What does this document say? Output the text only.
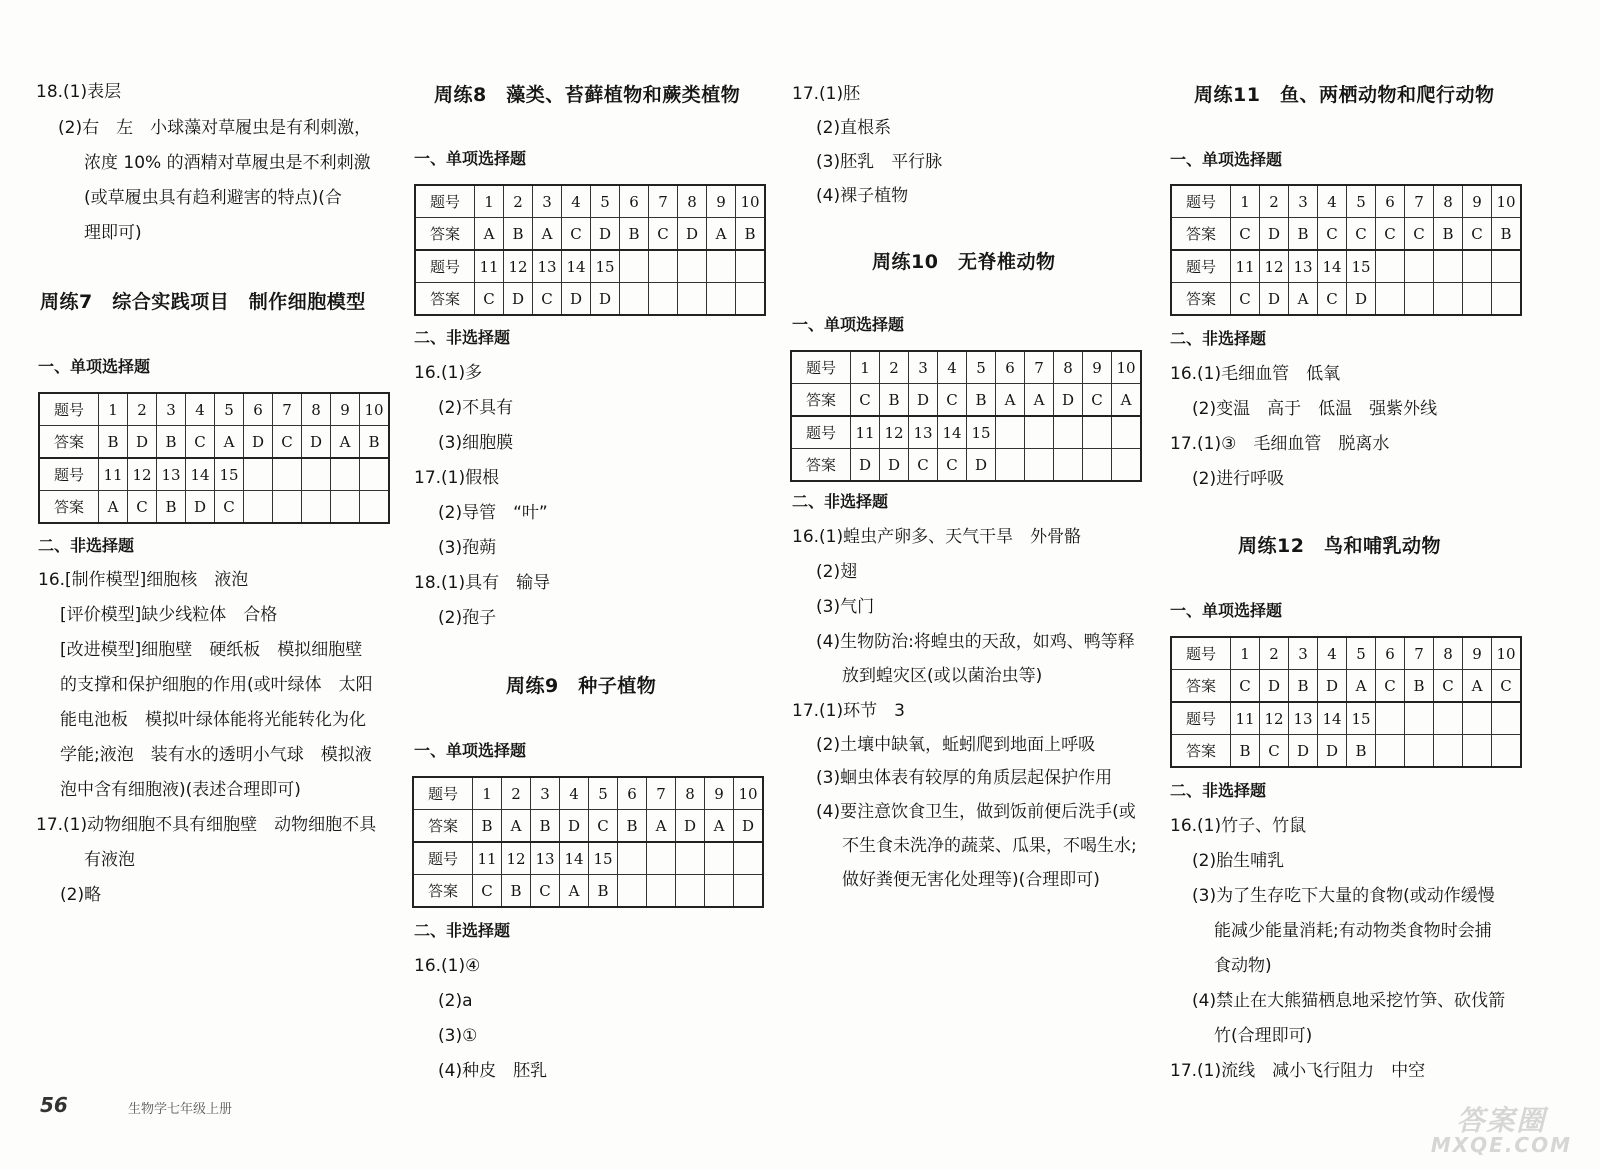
18.(1)表层
(2)右　左　小球藻对草履虫是有利刺激，
浓度 10% 的酒精对草履虫是不利刺激
(或草履虫具有趋利避害的特点)(合
理即可)
周练7　综合实践项目　制作细胞模型
一、单项选择题
题号	1	2	3	4	5	6	7	8	9	10
答案	B	D	B	C	A	D	C	D	A	B
题号	11	12	13	14	15					
答案	A	C	B	D	C					
二、非选择题
16.[制作模型]细胞核　液泡
[评价模型]缺少线粒体　合格
[改进模型]细胞壁　硬纸板　模拟细胞壁
的支撑和保护细胞的作用(或叶绿体　太阳
能电池板　模拟叶绿体能将光能转化为化
学能;液泡　装有水的透明小气球　模拟液
泡中含有细胞液)(表述合理即可)
17.(1)动物细胞不具有细胞壁　动物细胞不具
有液泡
(2)略
56	生物学七年级上册
周练8　藻类、苔藓植物和蕨类植物
一、单项选择题
题号	1	2	3	4	5	6	7	8	9	10
答案	A	B	A	C	D	B	C	D	A	B
题号	11	12	13	14	15					
答案	C	D	C	D	D					
二、非选择题
16.(1)多
(2)不具有
(3)细胞膜
17.(1)假根
(2)导管　“叶”
(3)孢蒴
18.(1)具有　输导
(2)孢子
周练9　种子植物
一、单项选择题
题号	1	2	3	4	5	6	7	8	9	10
答案	B	A	B	D	C	B	A	D	A	D
题号	11	12	13	14	15					
答案	C	B	C	A	B					
二、非选择题
16.(1)④
(2)a
(3)①
(4)种皮　胚乳
17.(1)胚
(2)直根系
(3)胚乳　平行脉
(4)裸子植物
周练10　无脊椎动物
一、单项选择题
题号	1	2	3	4	5	6	7	8	9	10
答案	C	B	D	C	B	A	A	D	C	A
题号	11	12	13	14	15					
答案	D	D	C	C	D					
二、非选择题
16.(1)蝗虫产卵多、天气干旱　外骨骼
(2)翅
(3)气门
(4)生物防治:将蝗虫的天敌，如鸡、鸭等释
放到蝗灾区(或以菌治虫等)
17.(1)环节　3
(2)土壤中缺氧，蚯蚓爬到地面上呼吸
(3)蛔虫体表有较厚的角质层起保护作用
(4)要注意饮食卫生，做到饭前便后洗手(或
不生食未洗净的蔬菜、瓜果，不喝生水;
做好粪便无害化处理等)(合理即可)
周练11　鱼、两栖动物和爬行动物
一、单项选择题
题号	1	2	3	4	5	6	7	8	9	10
答案	C	D	B	C	C	C	C	B	C	B
题号	11	12	13	14	15					
答案	C	D	A	C	D					
二、非选择题
16.(1)毛细血管　低氧
(2)变温　高于　低温　强紫外线
17.(1)③　毛细血管　脱离水
(2)进行呼吸
周练12　鸟和哺乳动物
一、单项选择题
题号	1	2	3	4	5	6	7	8	9	10
答案	C	D	B	D	A	C	B	C	A	C
题号	11	12	13	14	15					
答案	B	C	D	D	B					
二、非选择题
16.(1)竹子、竹鼠
(2)胎生哺乳
(3)为了生存吃下大量的食物(或动作缓慢
能减少能量消耗;有动物类食物时会捕
食动物)
(4)禁止在大熊猫栖息地采挖竹笋、砍伐箭
竹(合理即可)
17.(1)流线　减小飞行阻力　中空
答案圈
MXQE.COM
